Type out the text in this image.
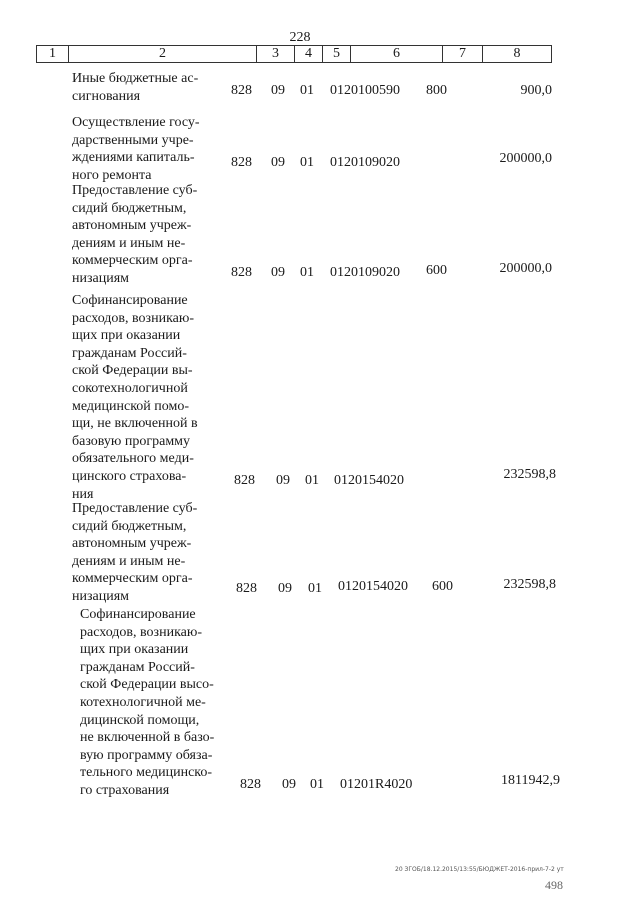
228
1	2	3	4	5	6	7	8
Иные бюджетные ас-
сигнования	828 09 01 0120100590 800	900,0
Осуществление госу-
дарственными учре-
ждениями капиталь-
ного ремонта
828 09 01 0120109020	200000,0
Предоставление суб-
сидий бюджетным,
автономным учреж-
дениям и иным не-
коммерческим орга-
низациям	828 09 01 0120109020 600	200000,0
Софинансирование
расходов, возникаю-
щих при оказании
гражданам Россий-
ской Федерации вы-
сокотехнологичной
медицинской помо-
щи, не включенной в
базовую программу
обязательного меди-
цинского страхова-
ния
828 09 01 0120154020	232598,8
Предоставление суб-
сидий бюджетным,
автономным учреж-
дениям и иным не-
коммерческим орга-
низациям
828 09 01 0120154020 600	232598,8
Софинансирование
расходов, возникаю-
щих при оказании
гражданам Россий-
ской Федерации высо-
котехнологичной ме-
дицинской помощи,
не включенной в базо-
вую программу обяза-
тельного медицинско-
го страхования	828 09 01 01201R4020	1811942,9
20 ЗГОБ/18.12.2015/13:55/БЮДЖЕТ-2016-прил-7-2 ут
498
